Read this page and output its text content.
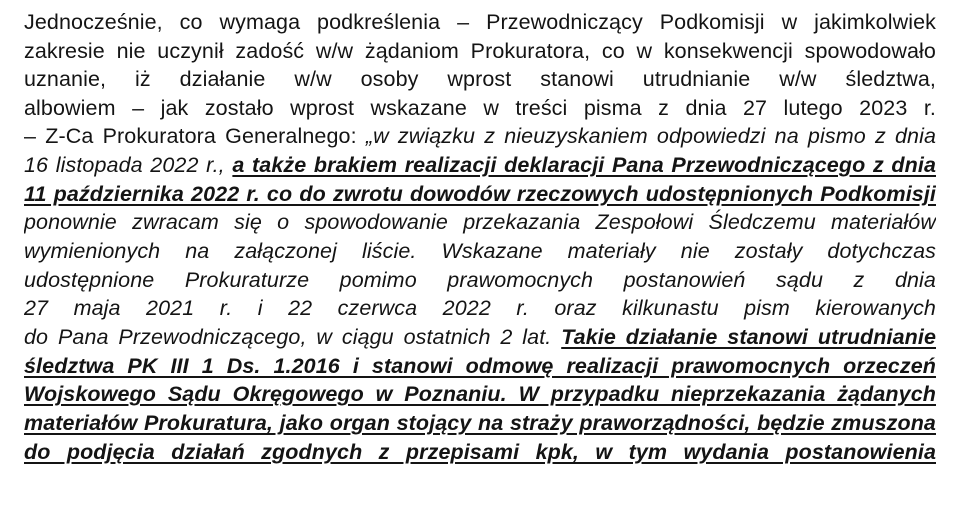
Jednocześnie, co wymaga podkreślenia – Przewodniczący Podkomisji w jakimkolwiek
zakresie nie uczynił zadość w/w żądaniom Prokuratora, co w konsekwencji spowodowało
uznanie, iż działanie w/w osoby wprost stanowi utrudnianie w/w śledztwa,
albowiem – jak zostało wprost wskazane w treści pisma z dnia 27 lutego 2023 r.
– Z-Ca Prokuratora Generalnego: „w związku z nieuzyskaniem odpowiedzi na pismo z dnia
16 listopada 2022 r., a także brakiem realizacji deklaracji Pana Przewodniczącego z dnia
11 października 2022 r. co do zwrotu dowodów rzeczowych udostępnionych Podkomisji
ponownie zwracam się o spowodowanie przekazania Zespołowi Śledczemu materiałów
wymienionych na załączonej liście. Wskazane materiały nie zostały dotychczas
udostępnione Prokuraturze pomimo prawomocnych postanowień sądu z dnia
27 maja 2021 r. i 22 czerwca 2022 r. oraz kilkunastu pism kierowanych
do Pana Przewodniczącego, w ciągu ostatnich 2 lat. Takie działanie stanowi utrudnianie
śledztwa PK III 1 Ds. 1.2016 i stanowi odmowę realizacji prawomocnych orzeczeń
Wojskowego Sądu Okręgowego w Poznaniu. W przypadku nieprzekazania żądanych
materiałów Prokuratura, jako organ stojący na straży praworządności, będzie zmuszona
do podjęcia działań zgodnych z przepisami kpk, w tym wydania postanowienia
